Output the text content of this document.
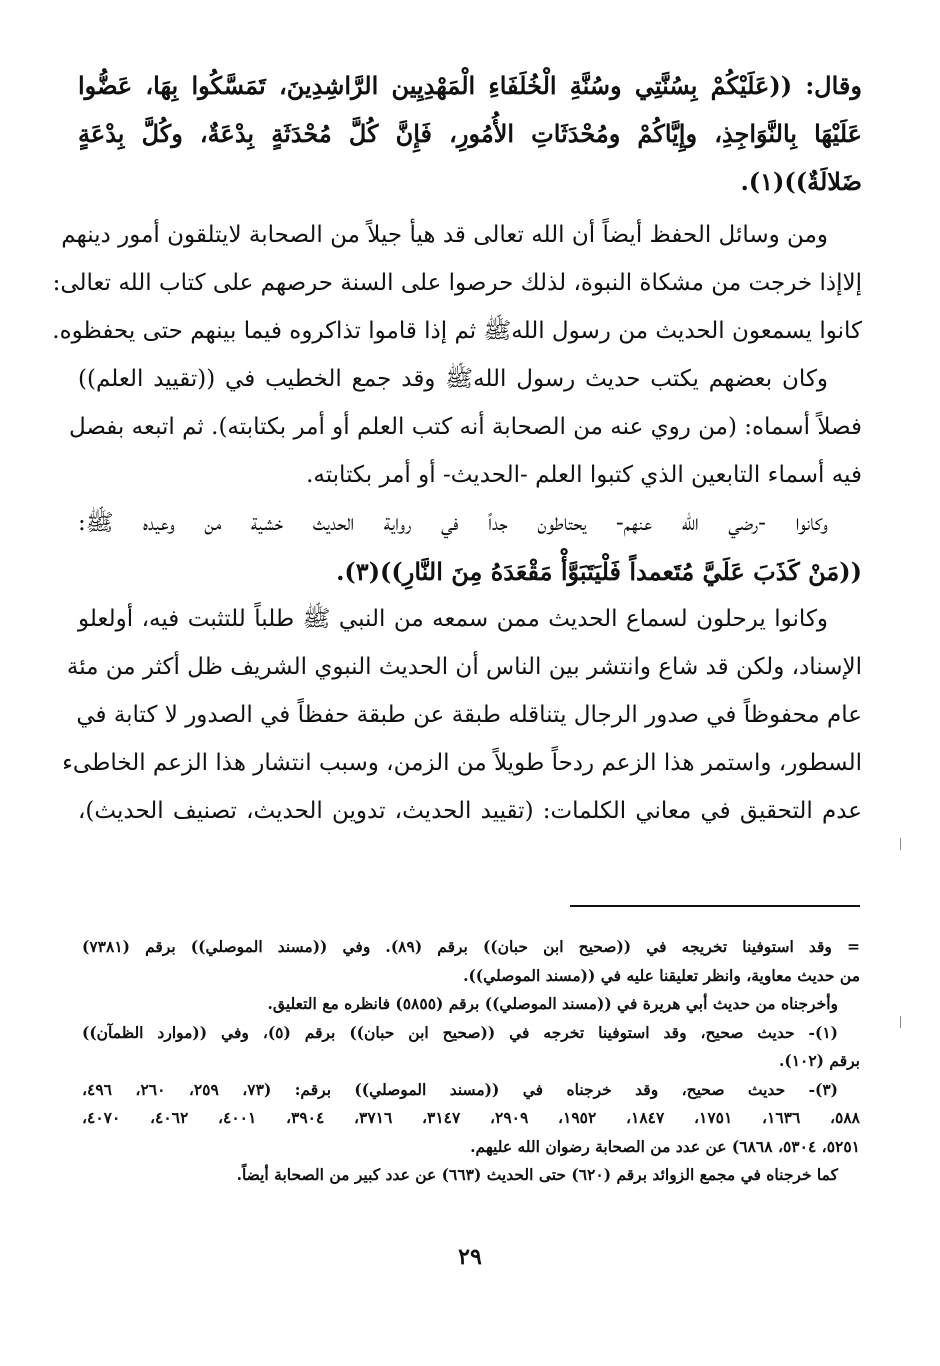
وقال: ((عَلَيْكُمْ بِسُنَّتِي وسُنَّةِ الْخُلَفَاءِ الْمَهْدِيِين الرَّاشِدِينَ، تَمَسَّكُوا بِهَا، عَضُّوا
عَلَيْهَا بِالنَّوَاجِذِ، وإِيَّاكُمْ ومُحْدَثَاتِ الأُمُورِ، فَإِنَّ كُلَّ مُحْدَثَةٍ بِدْعَةٌ، وكُلَّ بِدْعَةٍ
ضَلالَةٌ))(١).
ومن وسائل الحفظ أيضاً أن الله تعالى قد هيأ جيلاً من الصحابة لايتلقون أمور دينهم
إلاإذا خرجت من مشكاة النبوة، لذلك حرصوا على السنة حرصهم على كتاب الله تعالى:
كانوا يسمعون الحديث من رسول اللهﷺ ثم إذا قاموا تذاكروه فيما بينهم حتى يحفظوه.
وكان بعضهم يكتب حديث رسول اللهﷺ وقد جمع الخطيب في ((تقييد العلم))
فصلاً أسماه: (من روي عنه من الصحابة أنه كتب العلم أو أمر بكتابته). ثم اتبعه بفصل
فيه أسماء التابعين الذي كتبوا العلم -الحديث- أو أمر بكتابته.
وكانوا -رضي الله عنهم- يحتاطون جداً في رواية الحديث خشية من وعيده ﷺ:
((مَنْ كَذَبَ عَلَيَّ مُتَعمداً فَلْيَتَبَوَّأْ مَقْعَدَهُ مِنَ النَّارِ))(٣).
وكانوا يرحلون لسماع الحديث ممن سمعه من النبي ﷺ طلباً للتثبت فيه، أولعلو
الإسناد، ولكن قد شاع وانتشر بين الناس أن الحديث النبوي الشريف ظل أكثر من مئة
عام محفوظاً في صدور الرجال يتناقله طبقة عن طبقة حفظاً في الصدور لا كتابة في
السطور، واستمر هذا الزعم ردحاً طويلاً من الزمن، وسبب انتشار هذا الزعم الخاطىء
عدم التحقيق في معاني الكلمات: (تقييد الحديث، تدوين الحديث، تصنيف الحديث)،
= وقد استوفينا تخريجه في ((صحيح ابن حبان)) برقم (٨٩). وفي ((مسند الموصلي)) برقم (٧٣٨١)
من حديث معاوية، وانظر تعليقنا عليه في ((مسند الموصلي)).
وأخرجناه من حديث أبي هريرة في ((مسند الموصلي)) برقم (٥٨٥٥) فانظره مع التعليق.
(١)- حديث صحيح، وقد استوفينا تخرجه في ((صحيح ابن حبان)) برقم (٥)، وفي ((موارد الظمآن))
برقم (١٠٢).
(٣)- حديث صحيح، وقد خرجناه في ((مسند الموصلي)) برقم: (٧٣، ٢٥٩، ٢٦٠، ٤٩٦،
٥٨٨، ١٦٣٦، ١٧٥١، ١٨٤٧، ١٩٥٢، ٢٩٠٩، ٣١٤٧، ٣٧١٦، ٣٩٠٤، ٤٠٠١، ٤٠٦٢، ٤٠٧٠،
٥٢٥١، ٥٣٠٤، ٦٨٦٨) عن عدد من الصحابة رضوان الله عليهم.
كما خرجناه في مجمع الزوائد برقم (٦٢٠) حتى الحديث (٦٦٣) عن عدد كبير من الصحابة أيضاً.
٢٩
